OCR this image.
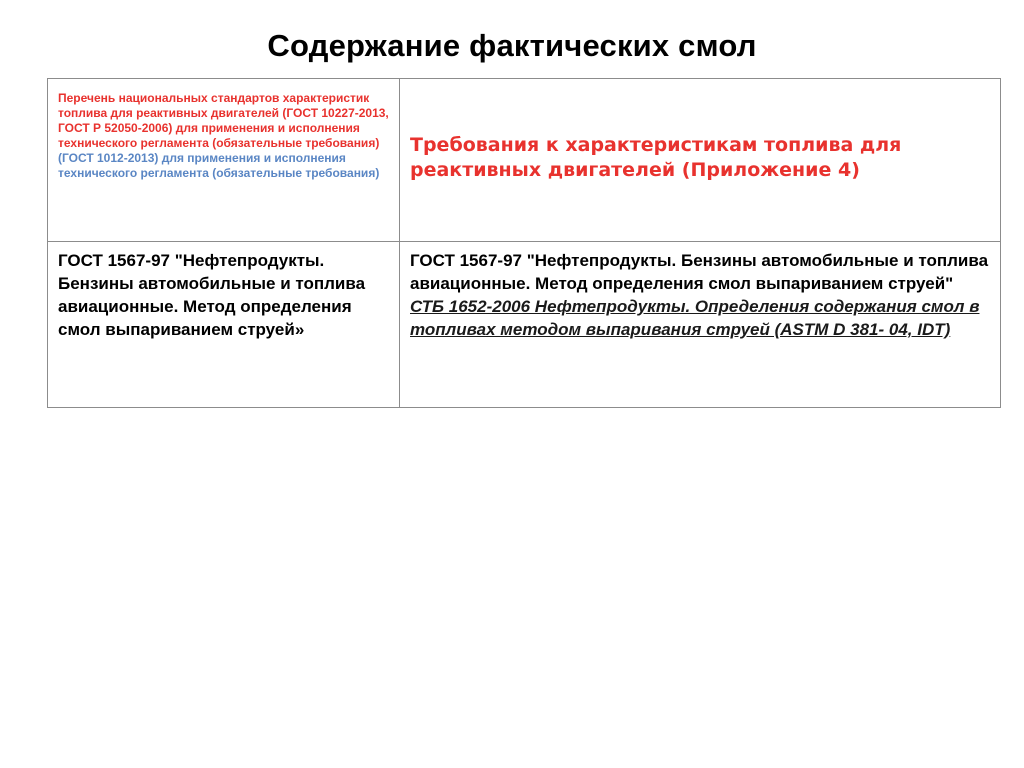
Содержание фактических смол
Перечень национальных стандартов характеристик топлива для реактивных двигателей (ГОСТ 10227-2013, ГОСТ Р 52050-2006) для применения и исполнения технического регламента (обязательные требования)
(ГОСТ 1012-2013) для применения и исполнения технического регламента (обязательные требования)	Требования к характеристикам топлива для реактивных двигателей (Приложение 4)

ГОСТ 1567-97 "Нефтепродукты. Бензины автомобильные и топлива авиационные. Метод определения смол выпариванием струей»	ГОСТ 1567-97 "Нефтепродукты. Бензины автомобильные и топлива авиационные. Метод определения смол выпариванием струей"
СТБ 1652-2006 Нефтепродукты. Определения содержания смол в топливах методом выпаривания струей (ASTM D 381- 04, IDT)
